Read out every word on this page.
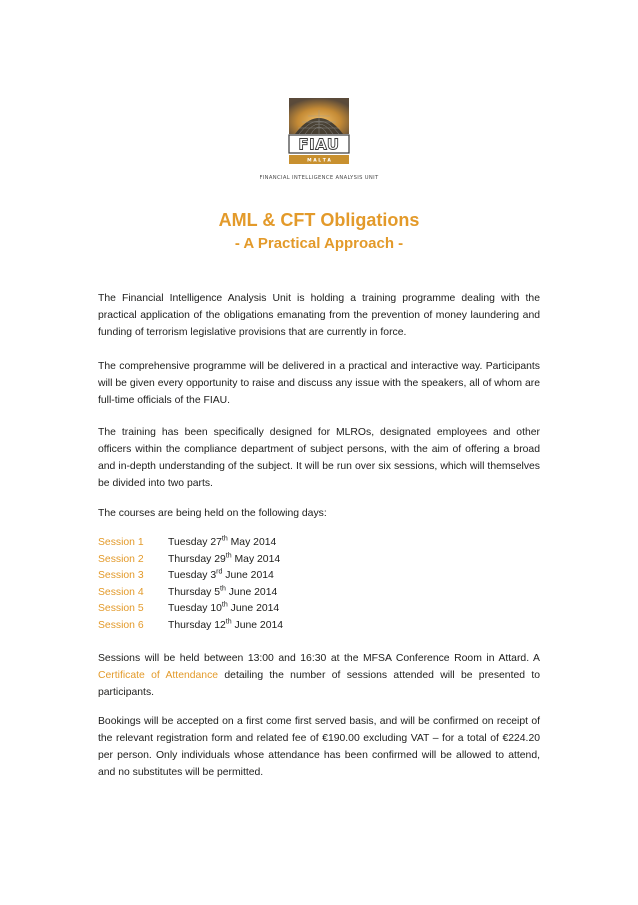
FIAU
M A L T A
FINANCIAL INTELLIGENCE ANALYSIS UNIT
AML & CFT Obligations
- A Practical Approach -

The Financial Intelligence Analysis Unit is holding a training programme dealing with the practical application of the obligations emanating from the prevention of money laundering and funding of terrorism legislative provisions that are currently in force.

The comprehensive programme will be delivered in a practical and interactive way. Participants will be given every opportunity to raise and discuss any issue with the speakers, all of whom are full-time officials of the FIAU.

The training has been specifically designed for MLROs, designated employees and other officers within the compliance department of subject persons, with the aim of offering a broad and in-depth understanding of the subject. It will be run over six sessions, which will themselves be divided into two parts.

The courses are being held on the following days:

Session 1 Tuesday 27th May 2014
Session 2 Thursday 29th May 2014
Session 3 Tuesday 3rd June 2014
Session 4 Thursday 5th June 2014
Session 5 Tuesday 10th June 2014
Session 6 Thursday 12th June 2014

Sessions will be held between 13:00 and 16:30 at the MFSA Conference Room in Attard. A Certificate of Attendance detailing the number of sessions attended will be presented to participants.

Bookings will be accepted on a first come first served basis, and will be confirmed on receipt of the relevant registration form and related fee of €190.00 excluding VAT – for a total of €224.20 per person. Only individuals whose attendance has been confirmed will be allowed to attend, and no substitutes will be permitted.
